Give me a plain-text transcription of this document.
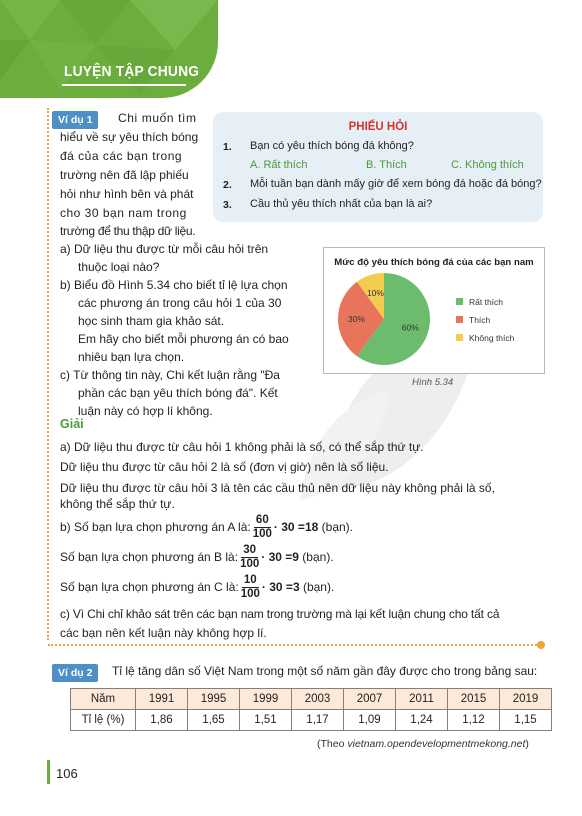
LUYỆN TẬP CHUNG
Ví dụ 1	Chi muốn tìm
hiểu về sự yêu thích bóng
đá của các bạn trong
trường nên đã lập phiếu
hỏi như hình bên và phát
cho 30 bạn nam trong
trường để thu thập dữ liệu.
PHIẾU HỎI
1. Bạn có yêu thích bóng đá không?
A. Rất thích	B. Thích	C. Không thích
2. Mỗi tuần bạn dành mấy giờ để xem bóng đá hoặc đá bóng?
3. Cầu thủ yêu thích nhất của bạn là ai?
a) Dữ liệu thu được từ mỗi câu hỏi trên
thuộc loại nào?
b) Biểu đồ Hình 5.34 cho biết tỉ lệ lựa chọn
các phương án trong câu hỏi 1 của 30
học sinh tham gia khảo sát.
Em hãy cho biết mỗi phương án có bao
nhiêu bạn lựa chọn.
c) Từ thông tin này, Chi kết luận rằng "Đa
phần các bạn yêu thích bóng đá". Kết
luận này có hợp lí không.
Mức độ yêu thích bóng đá của các bạn nam
60%
30%
10%
Rất thích
Thích
Không thích
Hình 5.34
Giải
a) Dữ liệu thu được từ câu hỏi 1 không phải là số, có thể sắp thứ tự.
Dữ liệu thu được từ câu hỏi 2 là số (đơn vị giờ) nên là số liệu.
Dữ liệu thu được từ câu hỏi 3 là tên các cầu thủ nên dữ liệu này không phải là số,
không thể sắp thứ tự.
b) Số bạn lựa chọn phương án A là: $\frac{60}{100} \cdot 30 = 18$ (bạn).
Số bạn lựa chọn phương án B là: $\frac{30}{100} \cdot 30 = 9$ (bạn).
Số bạn lựa chọn phương án C là: $\frac{10}{100} \cdot 30 = 3$ (bạn).
c) Vì Chi chỉ khảo sát trên các bạn nam trong trường mà lại kết luận chung cho tất cả
các bạn nên kết luận này không hợp lí.
Ví dụ 2	Tỉ lệ tăng dân số Việt Nam trong một số năm gần đây được cho trong bảng sau:
Năm	1991	1995	1999	2003	2007	2011	2015	2019
Tỉ lệ (%)	1,86	1,65	1,51	1,17	1,09	1,24	1,12	1,15
(Theo vietnam.opendevelopmentmekong.net)
106
